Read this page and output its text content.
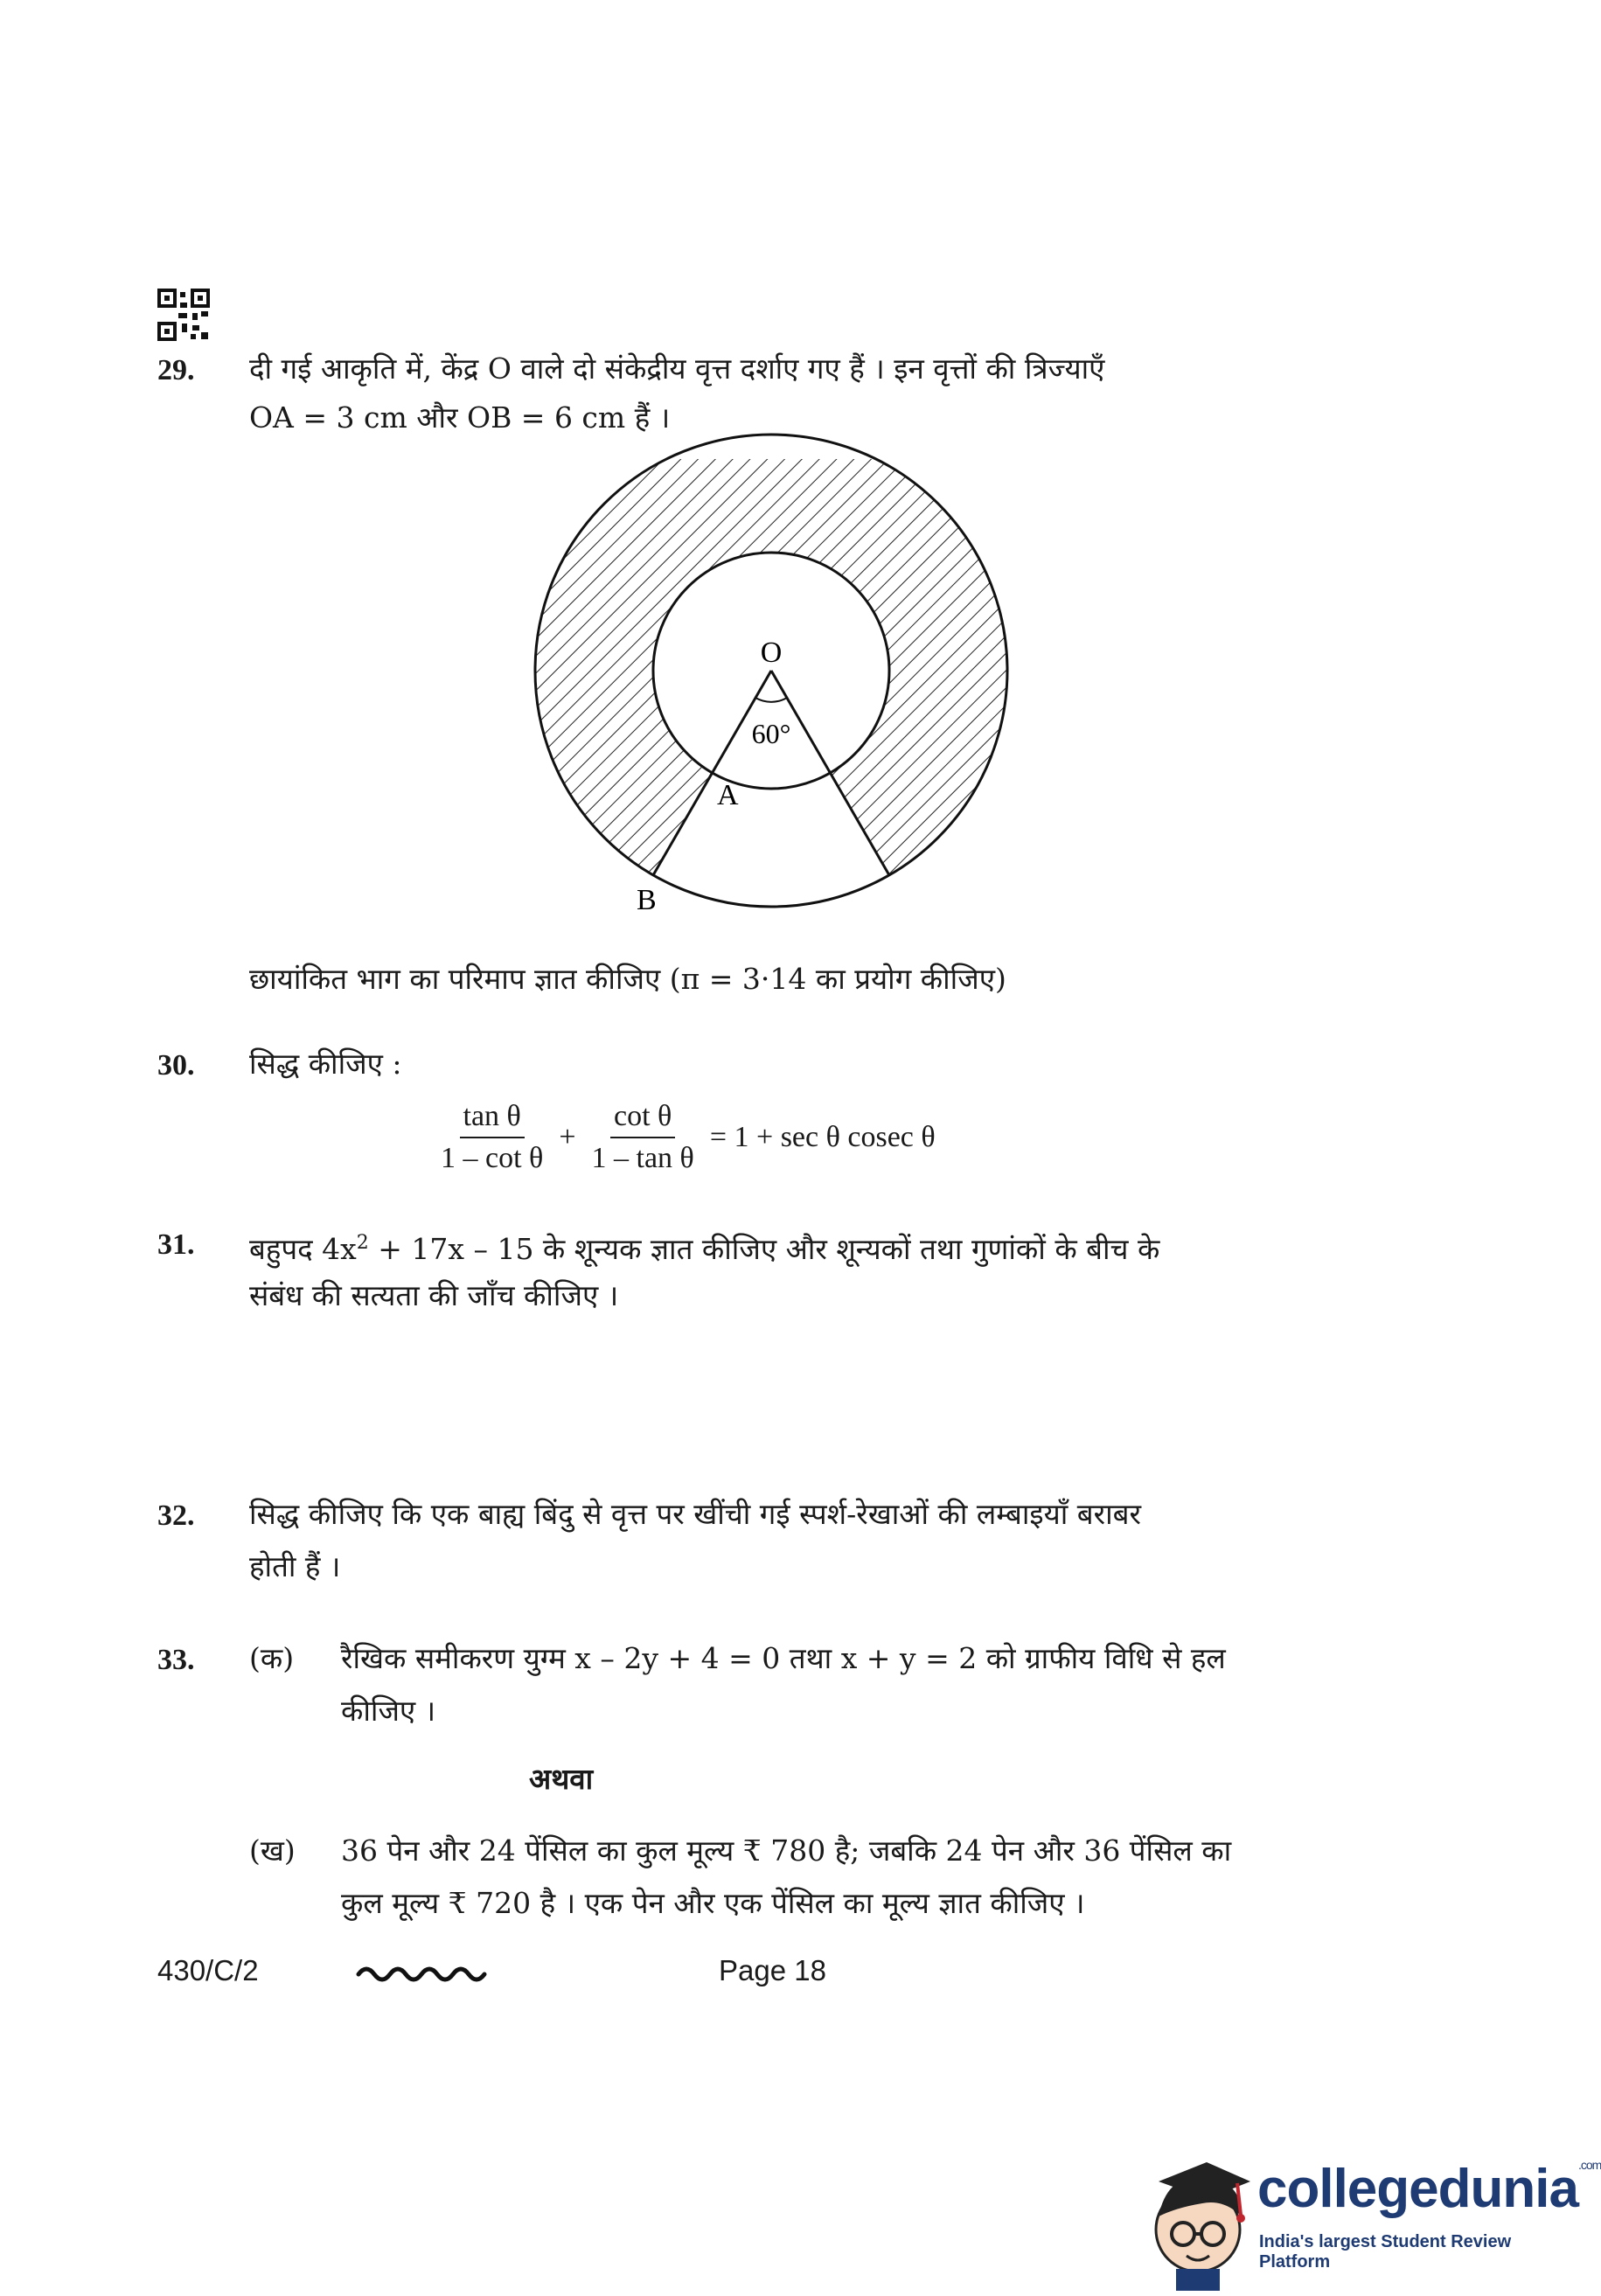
29. दी गई आकृति में, केंद्र O वाले दो संकेद्रीय वृत्त दर्शाए गए हैं । इन वृत्तों की त्रिज्याएँ
OA = 3 cm और OB = 6 cm हैं ।
O
60°
A
B
छायांकित भाग का परिमाप ज्ञात कीजिए (π = 3·14 का प्रयोग कीजिए)
30. सिद्ध कीजिए :
$\frac{\text{tan θ}}{\text{1 – cot θ}} + \frac{\text{cot θ}}{\text{1 – tan θ}} = 1 + \sec \theta$ cosec θ
31. बहुपद $4x^2 + 17x - 15$ के शून्यक ज्ञात कीजिए और शून्यकों तथा गुणांकों के बीच के
संबंध की सत्यता की जाँच कीजिए ।
32. सिद्ध कीजिए कि एक बाह्य बिंदु से वृत्त पर खींची गई स्पर्श-रेखाओं की लम्बाइयाँ बराबर
होती हैं ।
33. (क) रैखिक समीकरण युग्म x – 2y + 4 = 0 तथा x + y = 2 को ग्राफीय विधि से हल
कीजिए ।
अथवा
(ख) 36 पेन और 24 पेंसिल का कुल मूल्य ₹ 780 है; जबकि 24 पेन और 36 पेंसिल का
कुल मूल्य ₹ 720 है । एक पेन और एक पेंसिल का मूल्य ज्ञात कीजिए ।
430/C/2	Page 18
collegedunia$^{.com}$
India's largest Student Review Platform
